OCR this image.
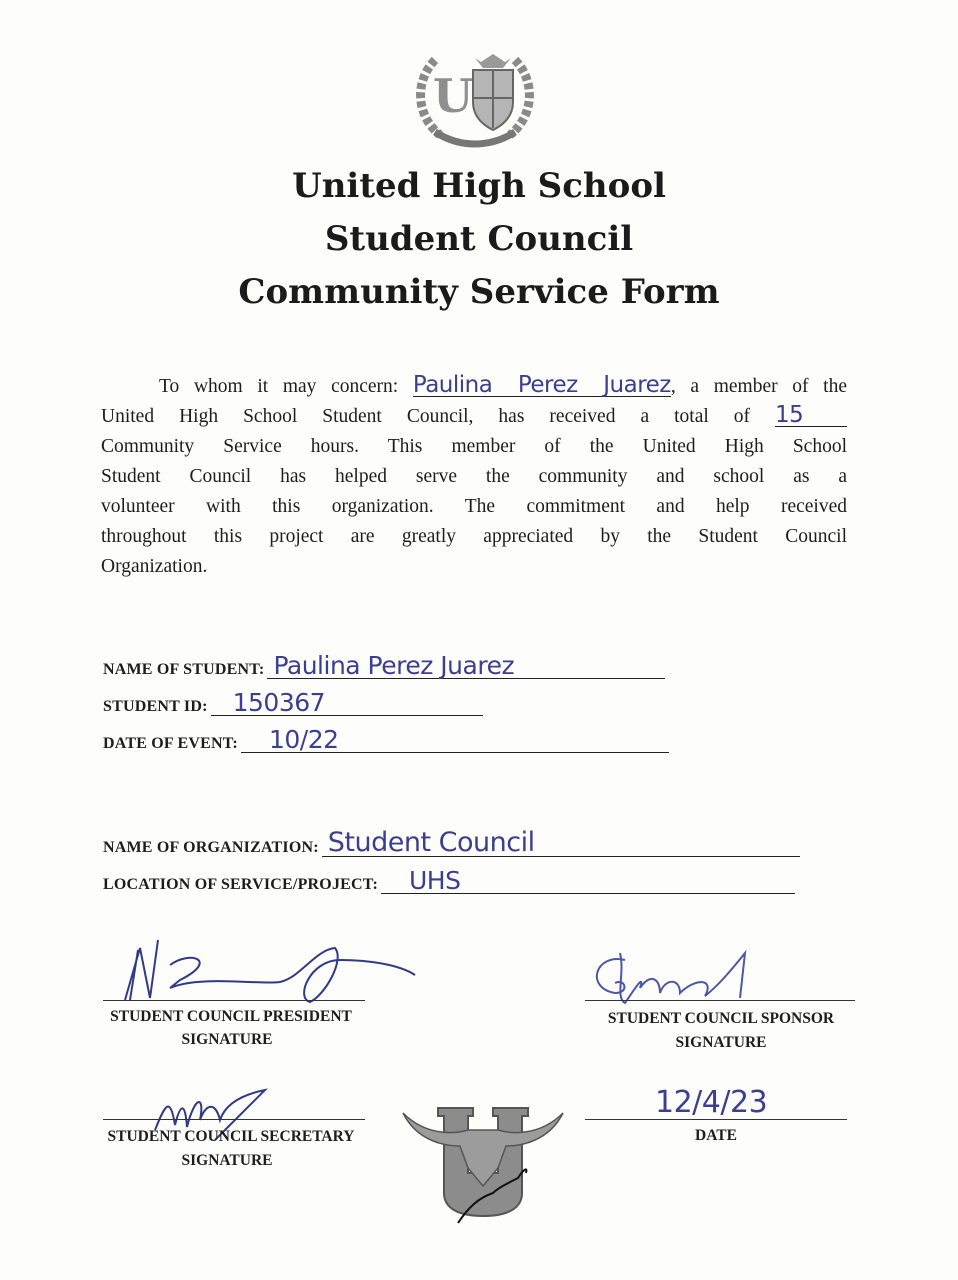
U
United High School
Student Council
Community Service Form
To whom it may concern: Paulina Perez Juarez, a member of the
United High School Student Council, has received a total of 15
Community Service hours. This member of the United High School
Student Council has helped serve the community and school as a
volunteer with this organization. The commitment and help received
throughout this project are greatly appreciated by the Student Council
Organization.
NAME OF STUDENT: Paulina Perez Juarez
STUDENT ID: 150367
DATE OF EVENT: 10/22
NAME OF ORGANIZATION: Student Council
LOCATION OF SERVICE/PROJECT: UHS
STUDENT COUNCIL PRESIDENT
SIGNATURE
STUDENT COUNCIL SPONSOR
SIGNATURE
STUDENT COUNCIL SECRETARY
SIGNATURE
12/4/23
DATE
